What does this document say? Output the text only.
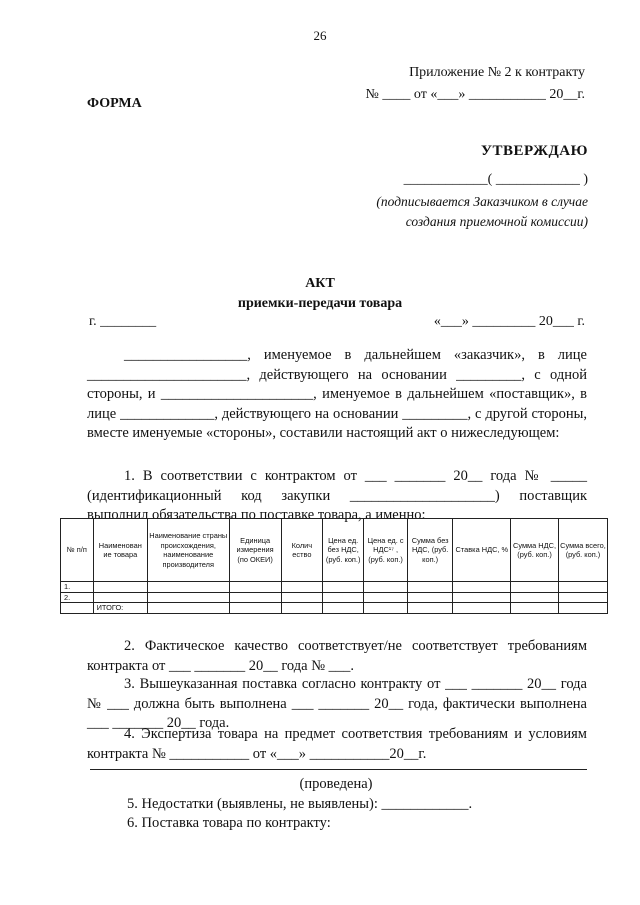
26
Приложение № 2 к контракту
№ ____ от «___» ___________ 20__г.
ФОРМА
УТВЕРЖДАЮ
____________( ____________ )
(подписывается Заказчиком в случае
создания приемочной комиссии)
АКТ
приемки-передачи товара
г. ________	«___» _________ 20___ г.
_________________, именуемое в дальнейшем «заказчик», в лице ______________________, действующего на основании _________, с одной стороны, и _____________________, именуемое в дальнейшем «поставщик», в лице _____________, действующего на основании _________, с другой стороны, вместе именуемые «стороны», составили настоящий акт о нижеследующем:
1. В соответствии с контрактом от ___ _______ 20__ года № _____ (идентификационный код закупки ____________________) поставщик выполнил обязательства по поставке товара, а именно:
№ п/п	Наименован ие товара	Наименование страны происхождения, наименование производителя	Единица измерения (по ОКЕИ)	Колич ество	Цена ед. без НДС, (руб. коп.)	Цена ед. с НДС¹⁷ , (руб. коп.)	Сумма без НДС, (руб. коп.)	Ставка НДС, %	Сумма НДС, (руб. коп.)	Сумма всего, (руб. коп.)
1.										
2.										
	ИТОГО:									
2. Фактическое качество соответствует/не соответствует требованиям контракта от ___ _______ 20__ года № ___.
3. Вышеуказанная поставка согласно контракту от ___ _______ 20__ года № ___ должна быть выполнена ___ _______ 20__ года, фактически выполнена ___ _______ 20__ года.
4. Экспертиза товара на предмет соответствия требованиям и условиям контракта № ___________ от «___» ___________20__г.
(проведена)
5. Недостатки (выявлены, не выявлены): ____________.
6. Поставка товара по контракту:
